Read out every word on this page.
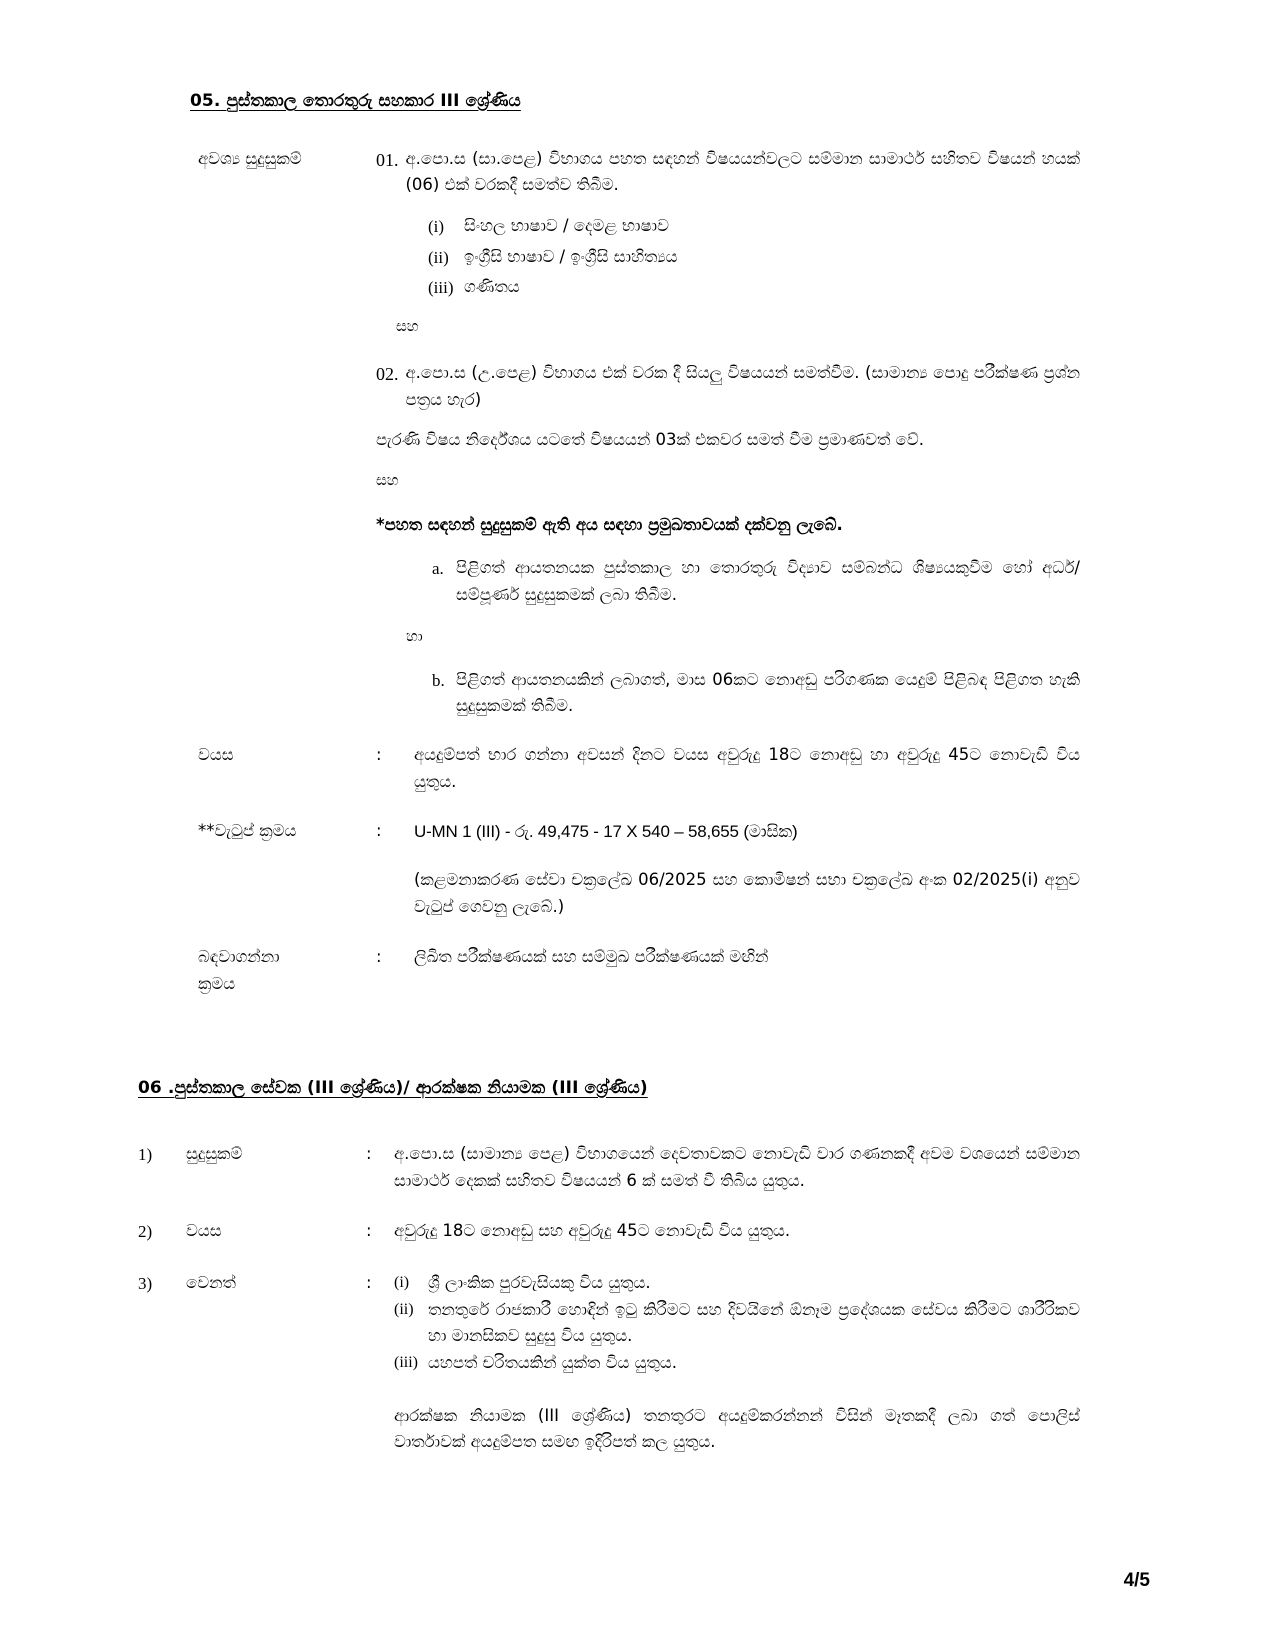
05. පුස්තකාල තොරතුරු සහකාර III ශ්‍රේණිය
අවශ්‍ය සුදුසුකම්	01. අ.පො.ස (සා.පෙළ) විභාගය පහත සඳහන් විෂයයන්වලට සම්මාන සාමාර්ථ සහිතව විෂයන් හයක් (06) එක් වරකදී සමත්ව තිබීම.
(i)	සිංහල භාෂාව / දෙමළ භාෂාව
(ii) ඉංග්‍රීසි භාෂාව / ඉංග්‍රීසි සාහිත්‍යය
(iii) ගණිතය
සහ
02. අ.පො.ස (උ.පෙළ) විභාගය එක් වරක දී සියලු විෂයයන් සමත්වීම. (සාමාන්‍ය පොදු පරීක්ෂණ ප්‍රශ්න පත්‍රය හැර)
පැරණි විෂය නිර්දේශය යටතේ විෂයයන් 03ක් එකවර සමත් වීම ප්‍රමාණවත් වේ.
සහ
*පහත සඳහන් සුදුසුකම් ඇති අය සඳහා ප්‍රමුඛතාවයක් දක්වනු ලැබේ.
a. පිළිගත් ආයතනයක පුස්තකාල හා තොරතුරු විද්‍යාව සම්බන්ධ ශිෂ්‍යයකුවීම හෝ අර්ධ/සම්පූර්ණ සුදුසුකමක් ලබා තිබීම.
හා
b. පිළිගත් ආයතනයකින් ලබාගත්, මාස 06කට නොඅඩු පරිගණක යෙදුම් පිළිබඳ පිළිගත හැකි සුදුසුකමක් තිබීම.
වයස	:	අයදුම්පත් භාර ගන්නා අවසන් දිනට වයස අවුරුදු 18ට නොඅඩු හා අවුරුදු 45ට නොවැඩි විය යුතුය.
**වැටුප් ක්‍රමය	:	U-MN 1 (III) - රු. 49,475 - 17 X 540 – 58,655 (මාසික)
(කළමනාකරණ සේවා චක්‍රලේඛ 06/2025 සහ කොමිෂන් සභා චක්‍රලේඛ අංක 02/2025(i) අනුව වැටුප් ගෙවනු ලැබේ.)
බඳවාගන්නා
ක්‍රමය
:	ලිඛිත පරීක්ෂණයක් සහ සම්මුඛ පරීක්ෂණයක් මඟින්
06 .පුස්තකාල සේවක (III ශ්‍රේණිය)/ ආරක්ෂක නියාමක (III ශ්‍රේණිය)
1)	සුදුසුකම්	:	අ.පො.ස (සාමාන්‍ය පෙළ) විභාගයෙන් දෙවතාවකට නොවැඩි වාර ගණනකදී අවම වශයෙන් සම්මාන සාමාර්ථ දෙකක් සහිතව විෂයයන් 6 ක් සමත් වී තිබිය යුතුය.
2)	වයස	:	අවුරුදු 18ට නොඅඩු සහ අවුරුදු 45ට නොවැඩි විය යුතුය.
3)	වෙනත්	:	(i)	ශ්‍රී ලාංකික පුරවැසියකු විය යුතුය.
(ii) තනතුරේ රාජකාරී හොඳින් ඉටු කිරීමට සහ දිවයිනේ ඕනෑම ප්‍රදේශයක සේවය කිරීමට ශාරීරිකව හා මානසිකව සුදුසු විය යුතුය.
(iii) යහපත් චරිතයකින් යුක්ත විය යුතුය.
ආරක්ෂක නියාමක (III ශ්‍රේණිය) තනතුරට අයදුම්කරන්නන් විසින් මෑතකදී ලබා ගත් පොලිස් වාර්තාවක් අයදුම්පත සමඟ ඉදිරිපත් කල යුතුය.
4/5
